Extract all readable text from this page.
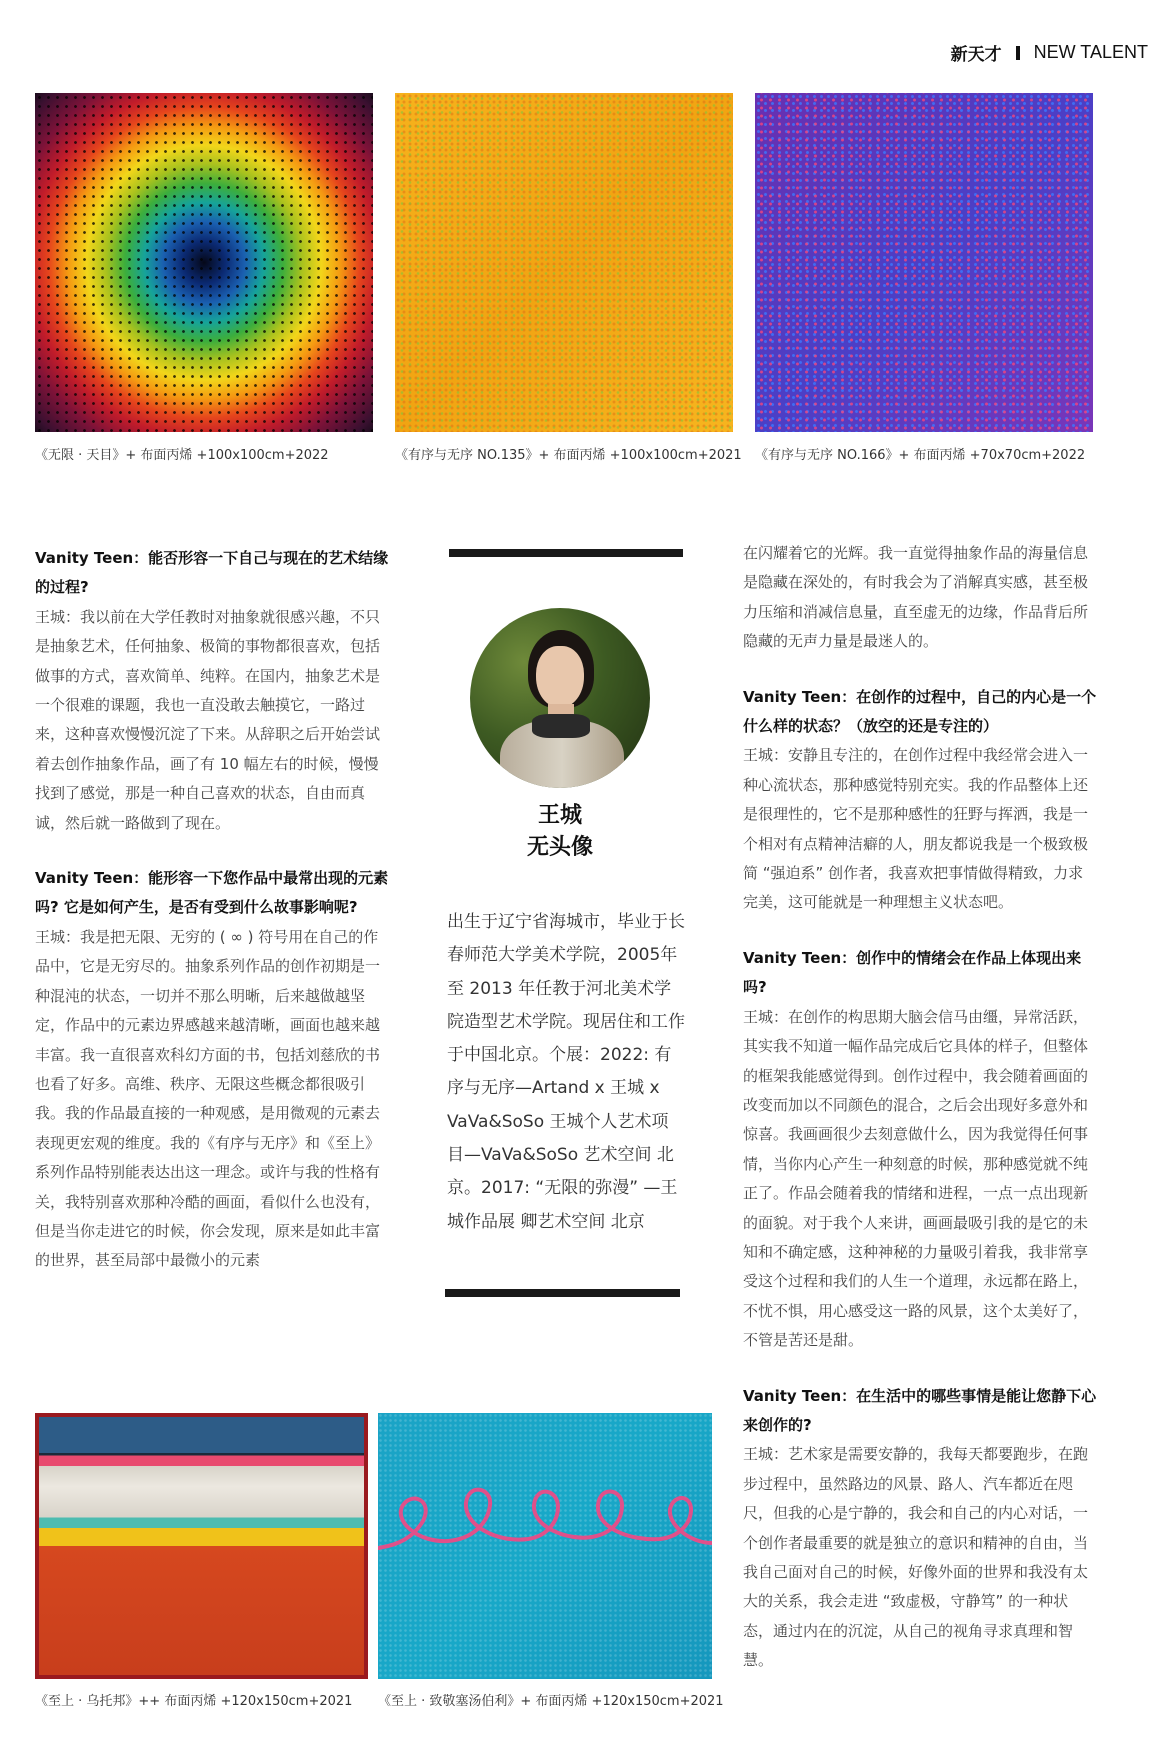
新天才 NEW TALENT
《无限 · 天目》+ 布面丙烯 +100x100cm+2022	《有序与无序 NO.135》+ 布面丙烯 +100x100cm+2021 《有序与无序 NO.166》+ 布面丙烯 +70x70cm+2022

Vanity Teen：能否形容一下自己与现在的艺术结缘的过程?
王城：我以前在大学任教时对抽象就很感兴趣，不只是抽象艺术，任何抽象、极简的事物都很喜欢，包括做事的方式，喜欢简单、纯粹。在国内，抽象艺术是一个很难的课题，我也一直没敢去触摸它，一路过来，这种喜欢慢慢沉淀了下来。从辞职之后开始尝试着去创作抽象作品，画了有 10 幅左右的时候，慢慢找到了感觉，那是一种自己喜欢的状态，自由而真诚，然后就一路做到了现在。

Vanity Teen：能形容一下您作品中最常出现的元素吗? 它是如何产生，是否有受到什么故事影响呢?
王城：我是把无限、无穷的 ( ∞ ) 符号用在自己的作品中，它是无穷尽的。抽象系列作品的创作初期是一种混沌的状态，一切并不那么明晰，后来越做越坚定，作品中的元素边界感越来越清晰，画面也越来越丰富。我一直很喜欢科幻方面的书，包括刘慈欣的书也看了好多。高维、秩序、无限这些概念都很吸引我。我的作品最直接的一种观感，是用微观的元素去表现更宏观的维度。我的《有序与无序》和《至上》系列作品特别能表达出这一理念。或许与我的性格有关，我特别喜欢那种冷酷的画面，看似什么也没有，但是当你走进它的时候，你会发现，原来是如此丰富的世界，甚至局部中最微小的元素

王城
无头像
出生于辽宁省海城市，毕业于长春师范大学美术学院，2005年至 2013 年任教于河北美术学院造型艺术学院。现居住和工作于中国北京。个展：2022: 有序与无序—Artand x 王城 x VaVa&SoSo 王城个人艺术项目—VaVa&SoSo 艺术空间 北京。2017: “无限的弥漫” —王城作品展 卿艺术空间 北京

在闪耀着它的光辉。我一直觉得抽象作品的海量信息是隐藏在深处的，有时我会为了消解真实感，甚至极力压缩和消减信息量，直至虚无的边缘，作品背后所隐藏的无声力量是最迷人的。

Vanity Teen：在创作的过程中，自己的内心是一个什么样的状态？（放空的还是专注的）
王城：安静且专注的，在创作过程中我经常会进入一种心流状态，那种感觉特别充实。我的作品整体上还是很理性的，它不是那种感性的狂野与挥洒，我是一个相对有点精神洁癖的人，朋友都说我是一个极致极简 “强迫系” 创作者，我喜欢把事情做得精致，力求完美，这可能就是一种理想主义状态吧。

Vanity Teen：创作中的情绪会在作品上体现出来吗?
王城：在创作的构思期大脑会信马由缰，异常活跃，其实我不知道一幅作品完成后它具体的样子，但整体的框架我能感觉得到。创作过程中，我会随着画面的改变而加以不同颜色的混合，之后会出现好多意外和惊喜。我画画很少去刻意做什么，因为我觉得任何事情，当你内心产生一种刻意的时候，那种感觉就不纯正了。作品会随着我的情绪和进程，一点一点出现新的面貌。对于我个人来讲，画画最吸引我的是它的未知和不确定感，这种神秘的力量吸引着我，我非常享受这个过程和我们的人生一个道理，永远都在路上，不忧不惧，用心感受这一路的风景，这个太美好了，不管是苦还是甜。

Vanity Teen：在生活中的哪些事情是能让您静下心来创作的?
王城：艺术家是需要安静的，我每天都要跑步，在跑步过程中，虽然路边的风景、路人、汽车都近在咫尺，但我的心是宁静的，我会和自己的内心对话，一个创作者最重要的就是独立的意识和精神的自由，当我自己面对自己的时候，好像外面的世界和我没有太大的关系，我会走进 “致虚极，守静笃” 的一种状态，通过内在的沉淀，从自己的视角寻求真理和智慧。

《至上 · 乌托邦》++ 布面丙烯 +120x150cm+2021 《至上 · 致敬塞汤伯利》+ 布面丙烯 +120x150cm+2021
